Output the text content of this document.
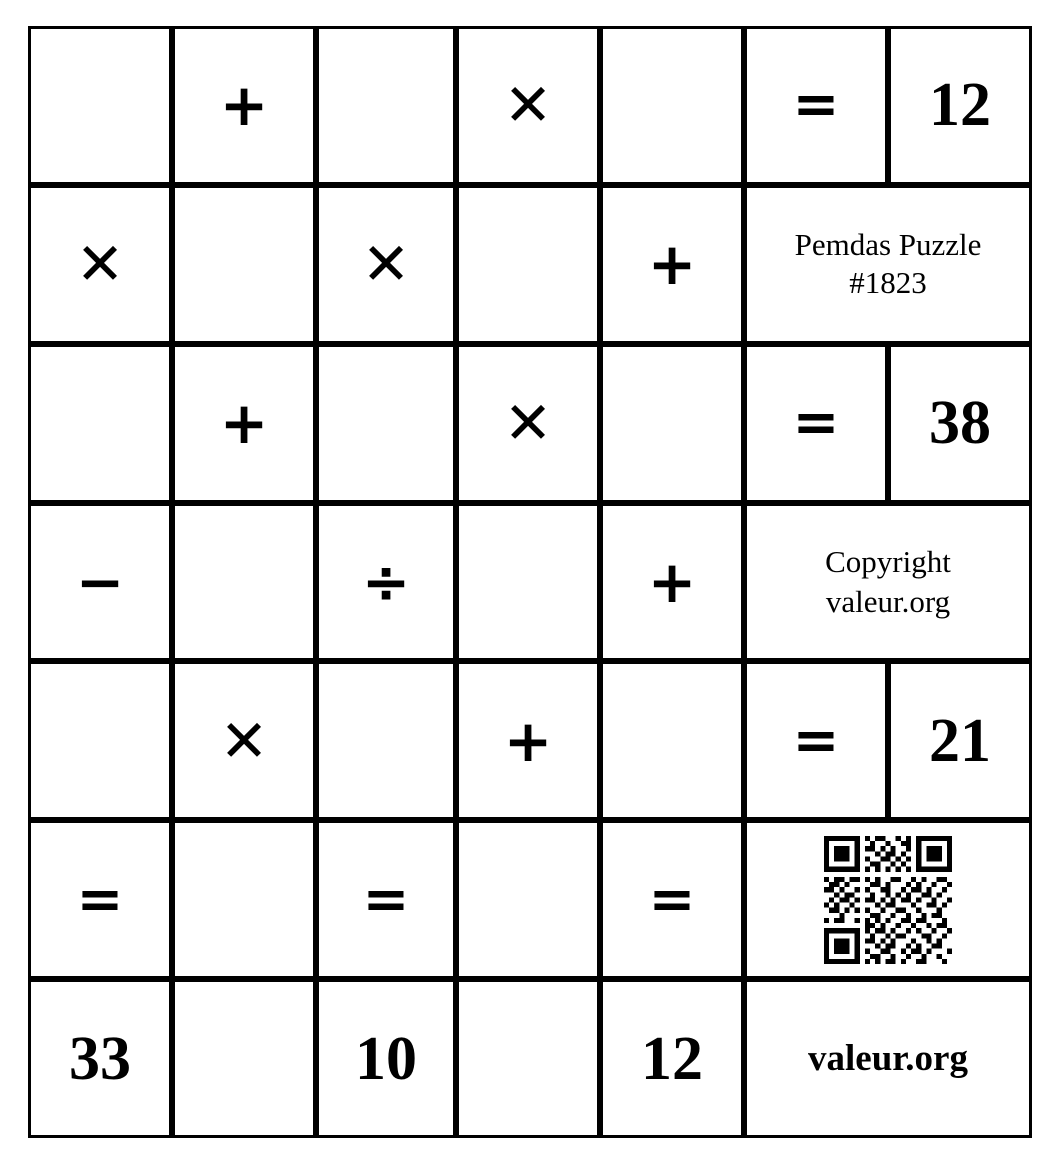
	+		✕		=	12
✕		✕		+	Pemdas Puzzle #1823	

	+		✕		=	38
−		÷		+	Copyright
valeur.org	

	✕		+		=	21
=		=		=	

33		10		12	valeur.org	
